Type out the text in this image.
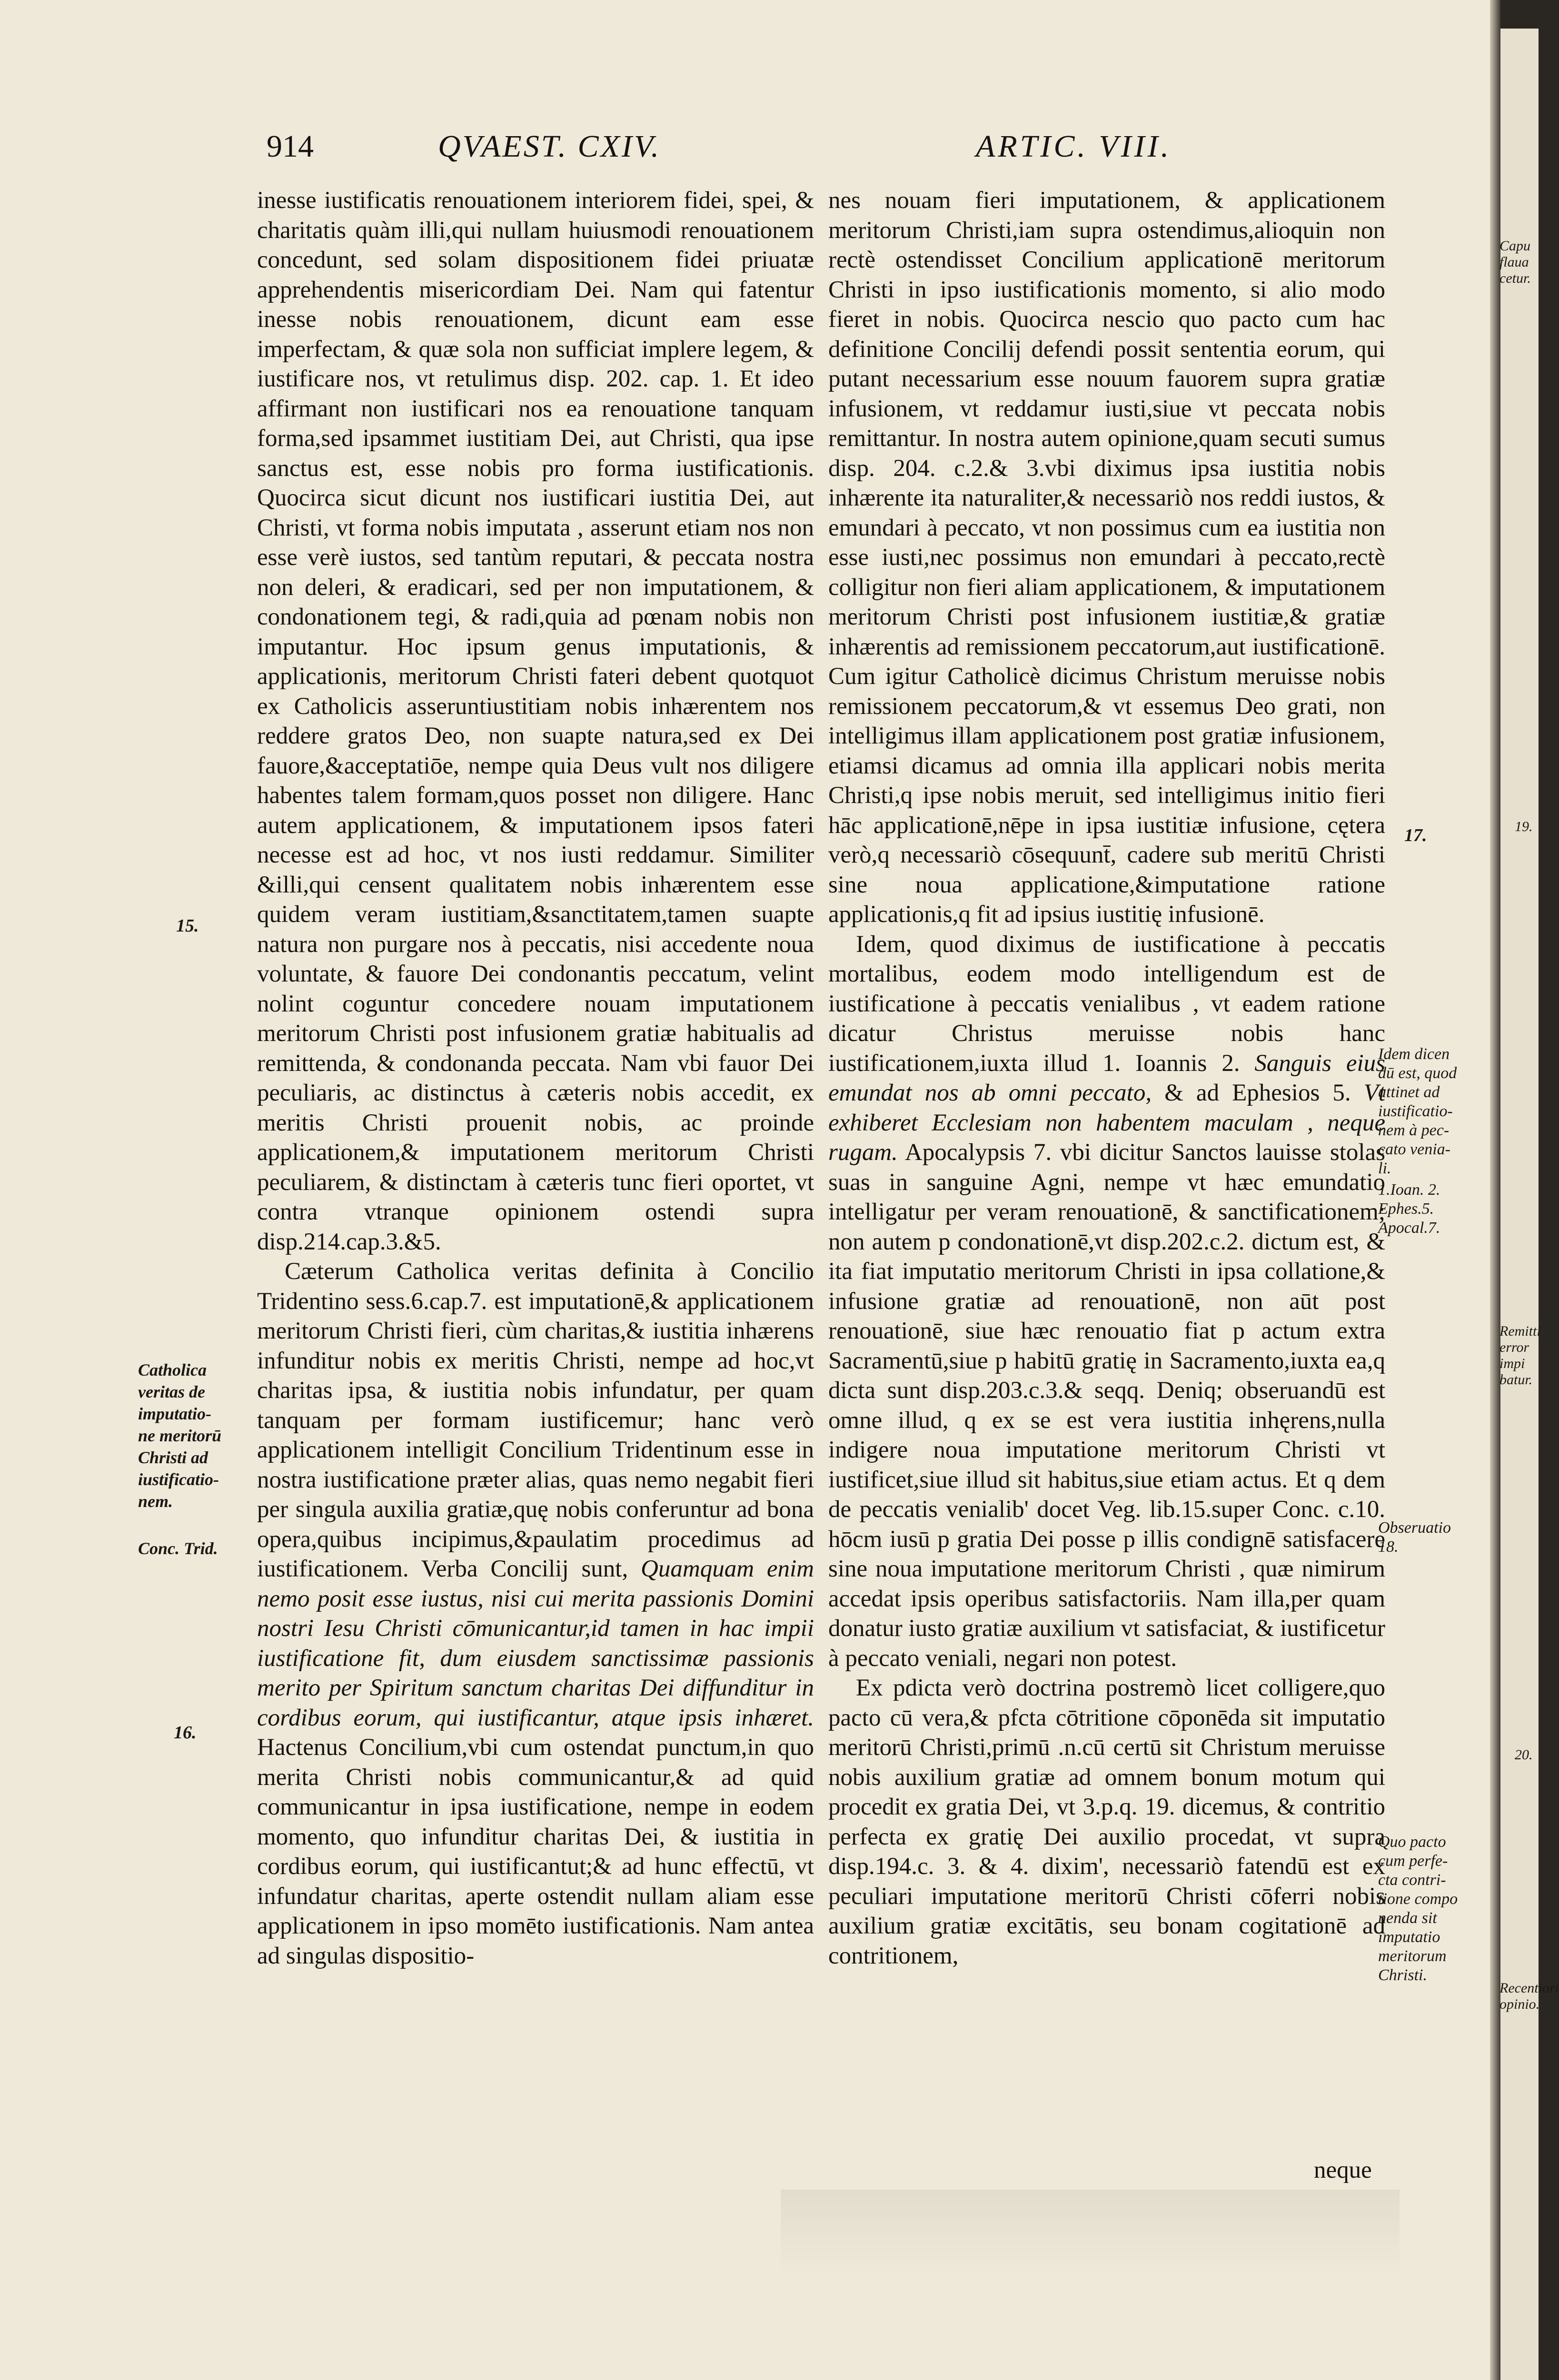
914	QVAEST. CXIV.	ARTIC. VIII.

inesse iustificatis renouationem interiorem fidei, spei, & charitatis quàm illi,qui nullam huiusmodi renouationem concedunt, sed solam dispositionem fidei priuatæ apprehendentis misericordiam Dei. Nam qui fatentur inesse nobis renouationem, dicunt eam esse imperfectam, & quæ sola non sufficiat implere legem, & iustificare nos, vt retulimus disp. 202. cap. 1. Et ideo affirmant non iustificari nos ea renouatione tanquam forma,sed ipsammet iustitiam Dei, aut Christi, qua ipse sanctus est, esse nobis pro forma iustificationis. Quocirca sicut dicunt nos iustificari iustitia Dei, aut Christi, vt forma nobis imputata , asserunt etiam nos non esse verè iustos, sed tantùm reputari, & peccata nostra non deleri, & eradicari, sed per non imputationem, & condonationem tegi, & radi,quia ad pœnam nobis non imputantur. Hoc ipsum genus imputationis, & applicationis, meritorum Christi fateri debent quotquot ex Catholicis asseruntiustitiam nobis inhærentem nos reddere gratos Deo, non suapte natura,sed ex Dei fauore,&acceptatiōe, nempe quia Deus vult nos diligere habentes talem formam,quos posset non diligere. Hanc autem applicationem, & imputationem ipsos fateri necesse est ad hoc, vt nos iusti reddamur. Similiter &illi,qui censent qualitatem nobis inhærentem esse quidem veram iustitiam,&sanctitatem,tamen suapte natura non purgare nos à peccatis, nisi accedente noua voluntate, & fauore Dei condonantis peccatum, velint nolint coguntur concedere nouam imputationem meritorum Christi post infusionem gratiæ habitualis ad remittenda, & condonanda peccata. Nam vbi fauor Dei peculiaris, ac distinctus à cæteris nobis accedit, ex meritis Christi prouenit nobis, ac proinde applicationem,& imputationem meritorum Christi peculiarem, & distinctam à cæteris tunc fieri oportet, vt contra vtranque opinionem ostendi supra disp.214.cap.3.&5.

Cæterum Catholica veritas definita à Concilio Tridentino sess.6.cap.7. est imputationē,& applicationem meritorum Christi fieri, cùm charitas,& iustitia inhærens infunditur nobis ex meritis Christi, nempe ad hoc,vt charitas ipsa, & iustitia nobis infundatur, per quam tanquam per formam iustificemur; hanc verò applicationem intelligit Concilium Tridentinum esse in nostra iustificatione præter alias, quas nemo negabit fieri per singula auxilia gratiæ,quę nobis conferuntur ad bona opera,quibus incipimus,&paulatim procedimus ad iustificationem. Verba Concilij sunt, Quamquam enim nemo posit esse iustus, nisi cui merita passionis Domini nostri Iesu Christi cōmunicantur,id tamen in hac impii iustificatione fit, dum eiusdem sanctissimæ passionis merito per Spiritum sanctum charitas Dei diffunditur in cordibus eorum, qui iustificantur, atque ipsis inhæret. Hactenus Concilium,vbi cum ostendat punctum,in quo merita Christi nobis communicantur,& ad quid communicantur in ipsa iustificatione, nempe in eodem momento, quo infunditur charitas Dei, & iustitia in cordibus eorum, qui iustificantut;& ad hunc effectū, vt infundatur charitas, aperte ostendit nullam aliam esse applicationem in ipso momēto iustificationis. Nam antea ad singulas dispositio-

nes nouam fieri imputationem, & applicationem meritorum Christi,iam supra ostendimus,alioquin non rectè ostendisset Concilium applicationē meritorum Christi in ipso iustificationis momento, si alio modo fieret in nobis. Quocirca nescio quo pacto cum hac definitione Concilij defendi possit sententia eorum, qui putant necessarium esse nouum fauorem supra gratiæ infusionem, vt reddamur iusti,siue vt peccata nobis remittantur. In nostra autem opinione,quam secuti sumus disp. 204. c.2.& 3.vbi diximus ipsa iustitia nobis inhærente ita naturaliter,& necessariò nos reddi iustos, & emundari à peccato, vt non possimus cum ea iustitia non esse iusti,nec possimus non emundari à peccato,rectè colligitur non fieri aliam applicationem, & imputationem meritorum Christi post infusionem iustitiæ,& gratiæ inhærentis ad remissionem peccatorum,aut iustificationē. Cum igitur Catholicè dicimus Christum meruisse nobis remissionem peccatorum,& vt essemus Deo grati, non intelligimus illam applicationem post gratiæ infusionem, etiamsi dicamus ad omnia illa applicari nobis merita Christi,q ipse nobis meruit, sed intelligimus initio fieri hāc applicationē,nēpe in ipsa iustitiæ infusione, cętera verò,q necessariò cōsequunt̄, cadere sub meritū Christi sine noua applicatione,&imputatione ratione applicationis,q fit ad ipsius iustitię infusionē.

Idem, quod diximus de iustificatione à peccatis mortalibus, eodem modo intelligendum est de iustificatione à peccatis venialibus , vt eadem ratione dicatur Christus meruisse nobis hanc iustificationem,iuxta illud 1. Ioannis 2. Sanguis eius emundat nos ab omni peccato, & ad Ephesios 5. Vt exhiberet Ecclesiam non habentem maculam , neque rugam. Apocalypsis 7. vbi dicitur Sanctos lauisse stolas suas in sanguine Agni, nempe vt hæc emundatio intelligatur per veram renouationē, & sanctificationem; non autem p condonationē,vt disp.202.c.2. dictum est, & ita fiat imputatio meritorum Christi in ipsa collatione,& infusione gratiæ ad renouationē, non aūt post renouationē, siue hæc renouatio fiat p actum extra Sacramentū,siue p habitū gratię in Sacramento,iuxta ea,q dicta sunt disp.203.c.3.& seqq. Deniq; obseruandū est omne illud, q ex se est vera iustitia inhęrens,nulla indigere noua imputatione meritorum Christi vt iustificet,siue illud sit habitus,siue etiam actus. Et q dem de peccatis venialib' docet Veg. lib.15.super Conc. c.10. hōcm iusū p gratia Dei posse p illis condignē satisfacere sine noua imputatione meritorum Christi , quæ nimirum accedat ipsis operibus satisfactoriis. Nam illa,per quam donatur iusto gratiæ auxilium vt satisfaciat, & iustificetur à peccato veniali, negari non potest.

Ex pdicta verò doctrina postremò licet colligere,quo pacto cū vera,& pfcta cōtritione cōponēda sit imputatio meritorū Christi,primū .n.cū certū sit Christum meruisse nobis auxilium gratiæ ad omnem bonum motum qui procedit ex gratia Dei, vt 3.p.q. 19. dicemus, & contritio perfecta ex gratię Dei auxilio procedat, vt supra disp.194.c. 3. & 4. dixim', necessariò fatendū est ex peculiari imputatione meritorū Christi cōferri nobis auxilium gratiæ excitātis, seu bonam cogitationē ad contritionem,

neque
15.
Catholica
veritas de
imputatio-
ne meritorū
Christi ad
iustificatio-
nem.
Conc. Trid.
16.
17.
Idem dicen
dū est, quod
attinet ad
iustificatio-
nem à pec-
cato venia-
li.
1.Ioan. 2.
Ephes.5.
Apocal.7.
Obseruatio
18.
Quo pacto
cum perfe-
cta contri-
tione compo
nenda sit
imputatio
meritorum
Christi.
Capu
flaua
cetur.
19.
Remitti
error impi
batur.
20.
Recentiori
opinio.
